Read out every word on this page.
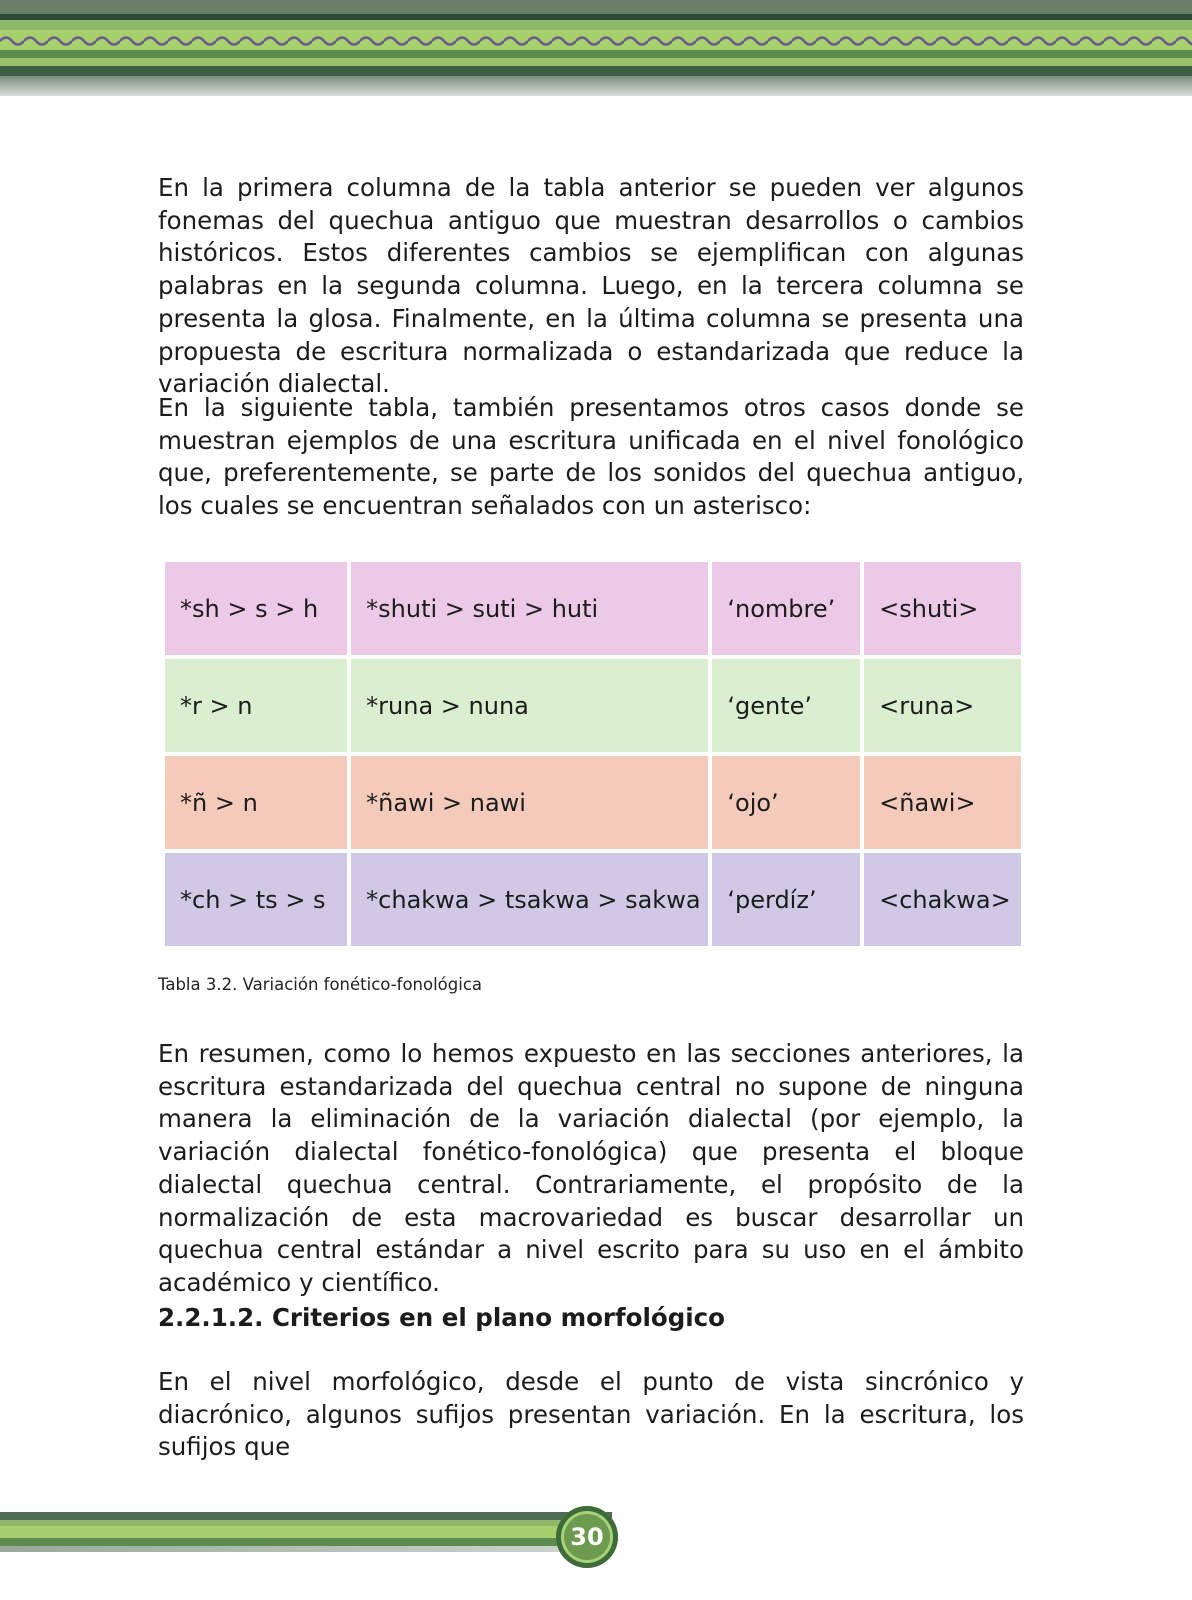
En la primera columna de la tabla anterior se pueden ver algunos fonemas del quechua antiguo que muestran desarrollos o cambios históricos. Estos diferentes cambios se ejemplifican con algunas palabras en la segunda columna. Luego, en la tercera columna se presenta la glosa. Finalmente, en la última columna se presenta una propuesta de escritura normalizada o estandarizada que reduce la variación dialectal.

En la siguiente tabla, también presentamos otros casos donde se muestran ejemplos de una escritura unificada en el nivel fonológico que, preferentemente, se parte de los sonidos del quechua antiguo, los cuales se encuentran señalados con un asterisco:

*sh > s > h	*shuti > suti > huti	‘nombre’	<shuti>
*r > n	*runa > nuna	‘gente’	<runa>
*ñ > n	*ñawi > nawi	‘ojo’	<ñawi>
*ch > ts > s	*chakwa > tsakwa > sakwa	‘perdíz’	<chakwa>

Tabla 3.2. Variación fonético-fonológica

En resumen, como lo hemos expuesto en las secciones anteriores, la escritura estandarizada del quechua central no supone de ninguna manera la eliminación de la variación dialectal (por ejemplo, la variación dialectal fonético-fonológica) que presenta el bloque dialectal quechua central. Contrariamente, el propósito de la normalización de esta macrovariedad es buscar desarrollar un quechua central estándar a nivel escrito para su uso en el ámbito académico y científico.

2.2.1.2. Criterios en el plano morfológico

En el nivel morfológico, desde el punto de vista sincrónico y diacrónico, algunos sufijos presentan variación. En la escritura, los sufijos que

30
